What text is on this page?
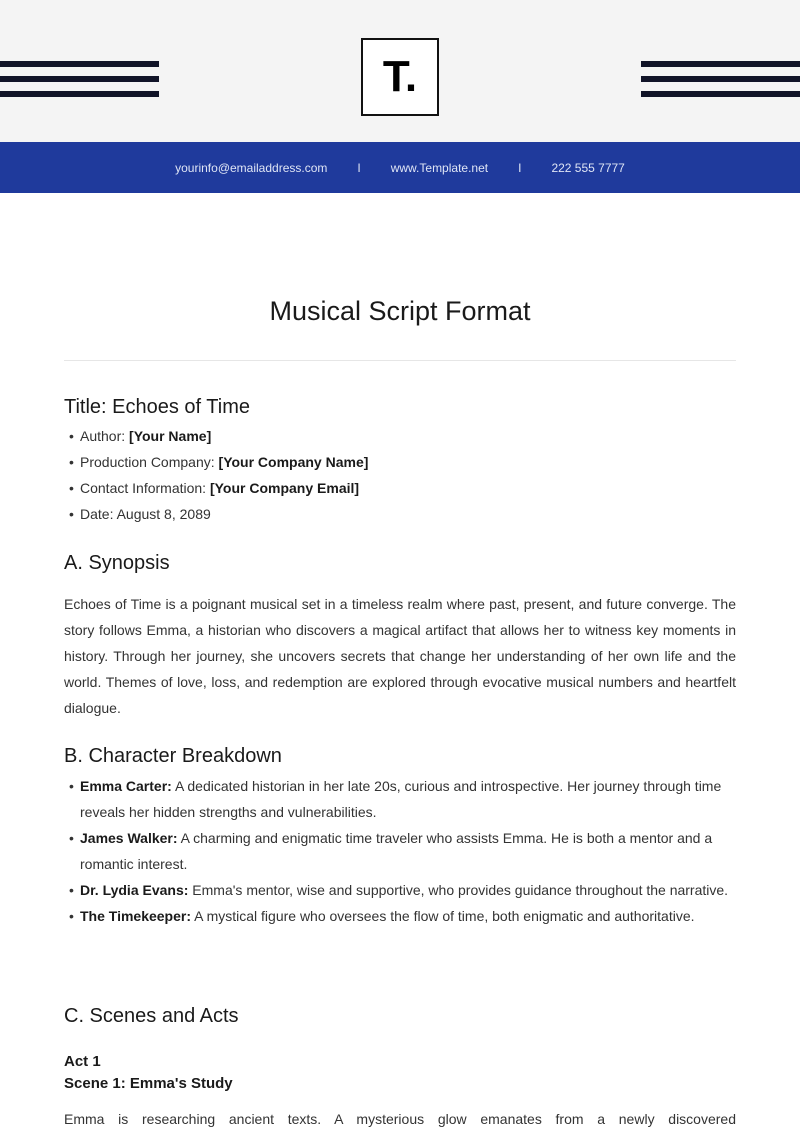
T.
yourinfo@emailaddress.com	I	www.Template.net	I	222 555 7777
Musical Script Format
Title: Echoes of Time
• Author: [Your Name]
• Production Company: [Your Company Name]
• Contact Information: [Your Company Email]
• Date: August 8, 2089
A. Synopsis

Echoes of Time is a poignant musical set in a timeless realm where past, present, and future converge. The story follows Emma, a historian who discovers a magical artifact that allows her to witness key moments in history. Through her journey, she uncovers secrets that change her understanding of her own life and the world. Themes of love, loss, and redemption are explored through evocative musical numbers and heartfelt dialogue.

B. Character Breakdown
• Emma Carter: A dedicated historian in her late 20s, curious and introspective. Her journey through time reveals her hidden strengths and vulnerabilities.
• James Walker: A charming and enigmatic time traveler who assists Emma. He is both a mentor and a romantic interest.
• Dr. Lydia Evans: Emma's mentor, wise and supportive, who provides guidance throughout the narrative.
• The Timekeeper: A mystical figure who oversees the flow of time, both enigmatic and authoritative.
C. Scenes and Acts
Act 1
Scene 1: Emma's Study

Emma is researching ancient texts. A mysterious glow emanates from a newly discovered
